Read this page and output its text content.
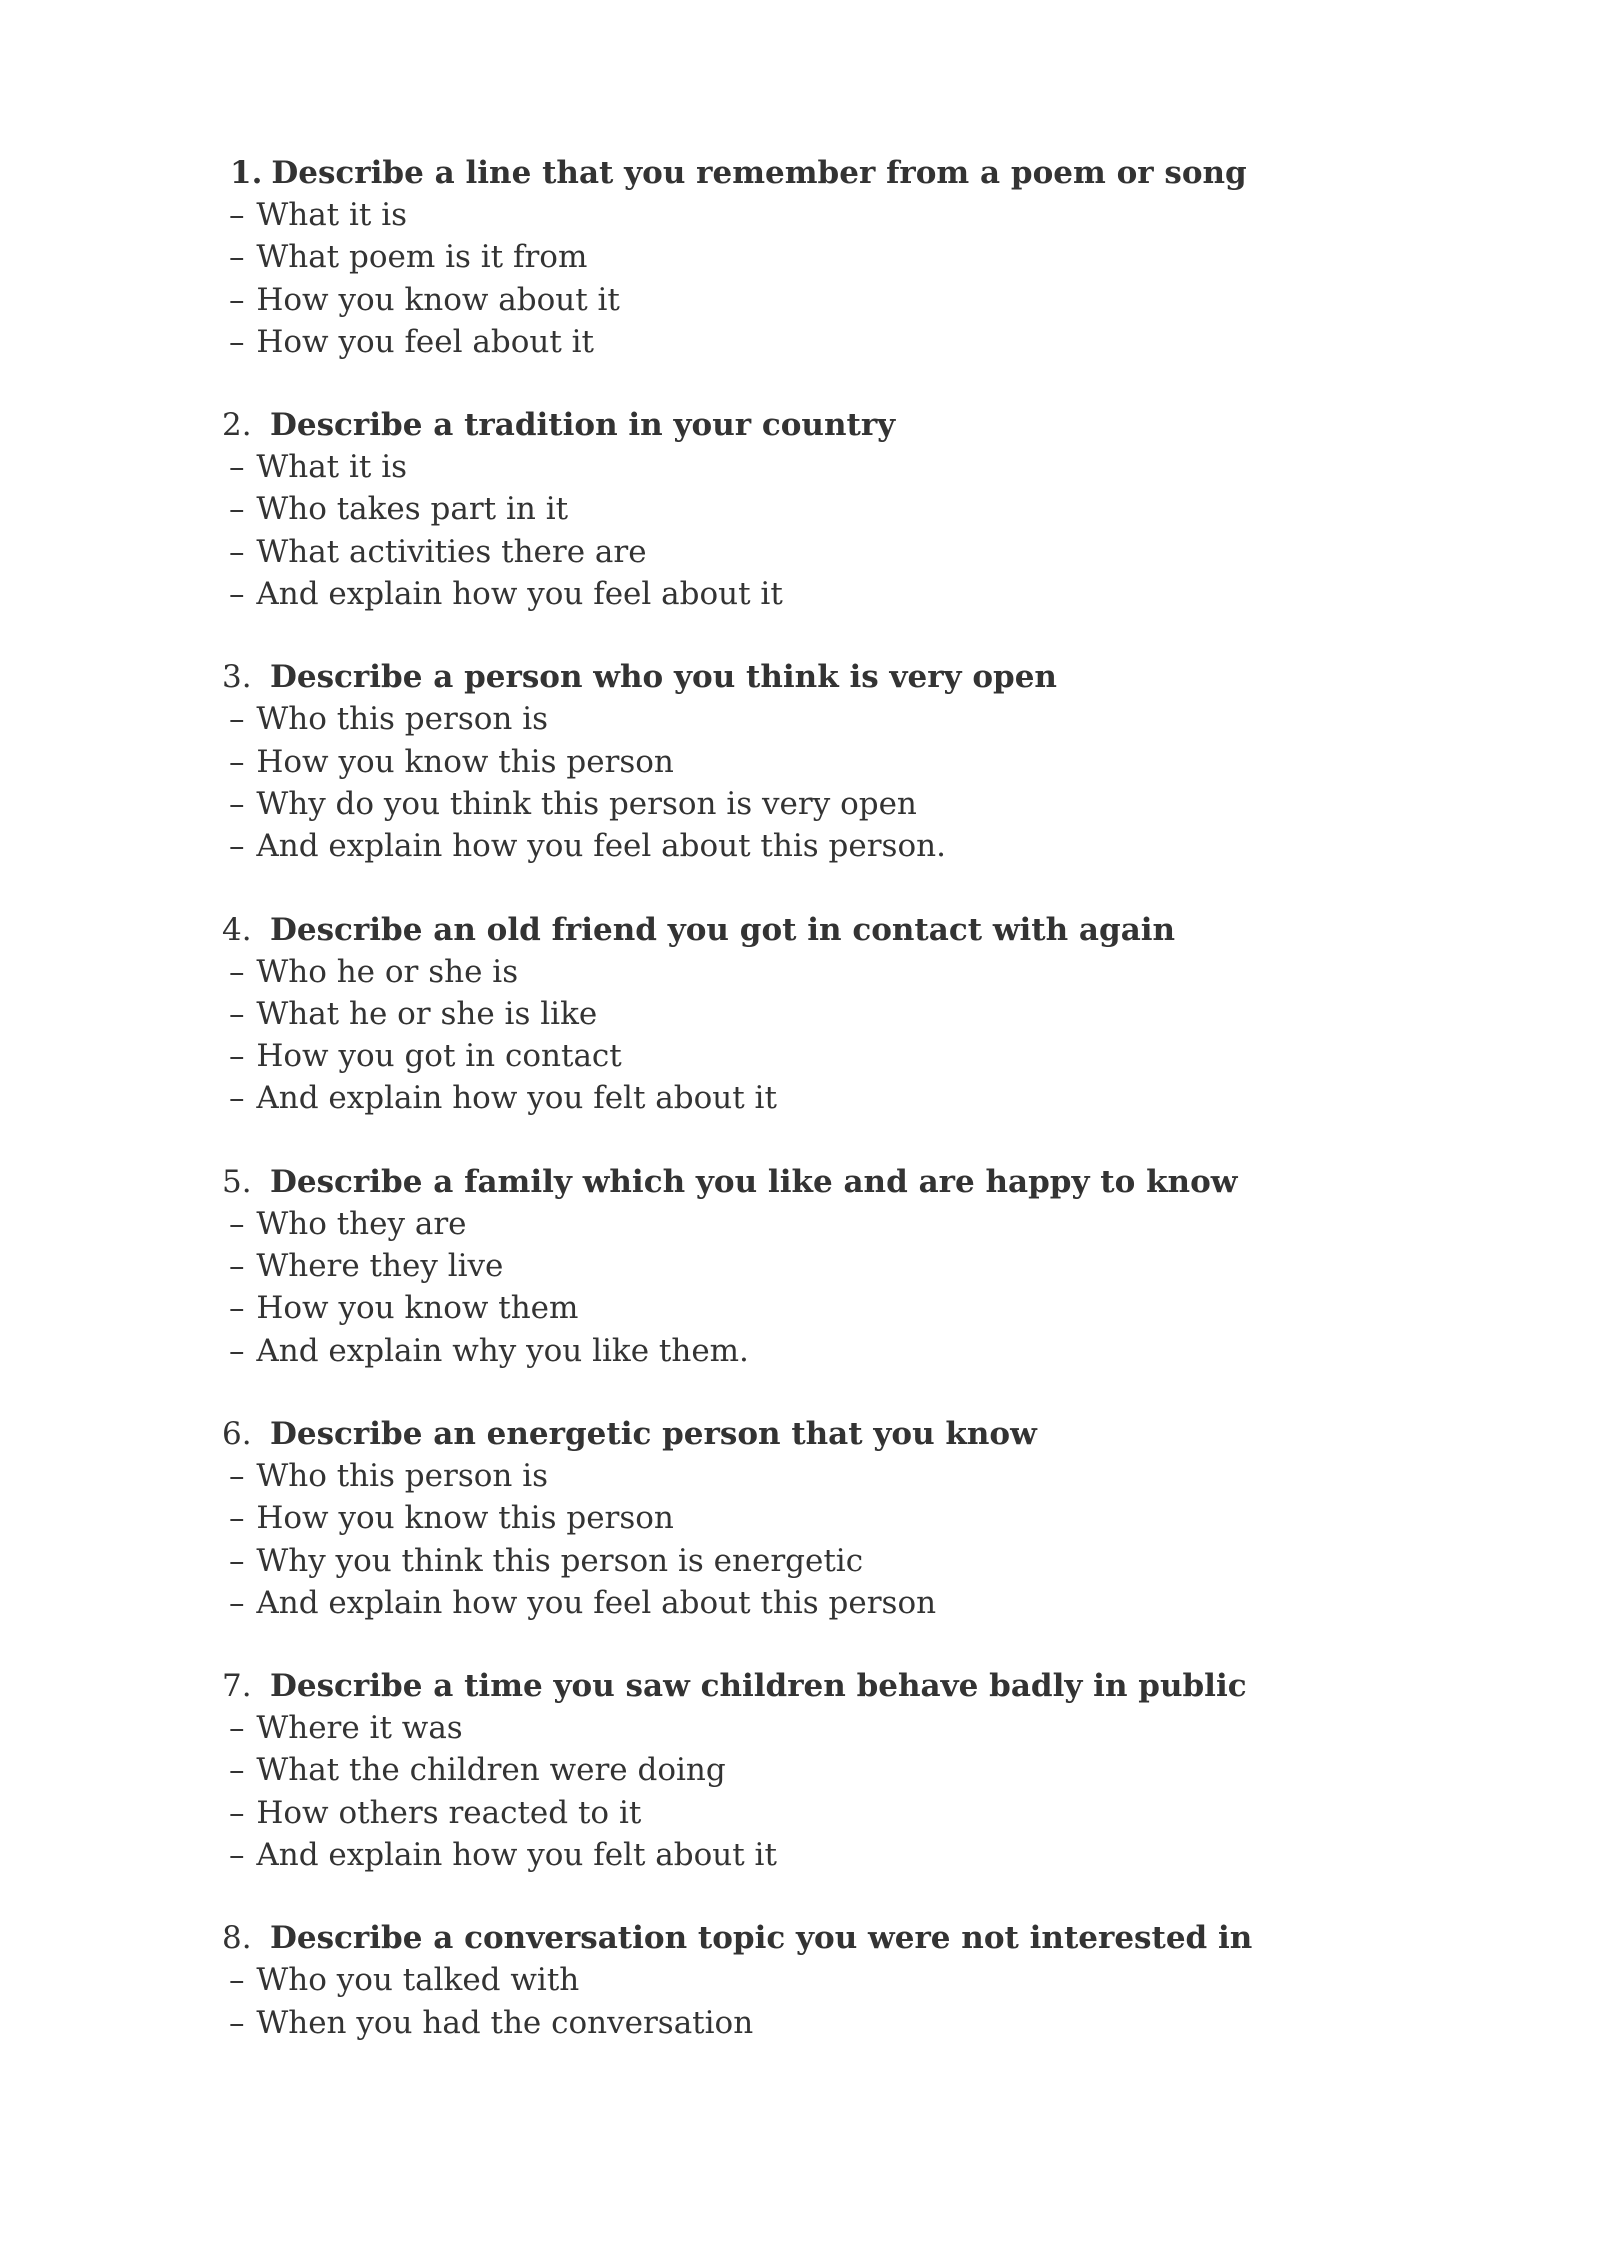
1. Describe a line that you remember from a poem or song
– What it is
– What poem is it from
– How you know about it
– How you feel about it
2. Describe a tradition in your country
– What it is
– Who takes part in it
– What activities there are
– And explain how you feel about it
3. Describe a person who you think is very open
– Who this person is
– How you know this person
– Why do you think this person is very open
– And explain how you feel about this person.
4. Describe an old friend you got in contact with again
– Who he or she is
– What he or she is like
– How you got in contact
– And explain how you felt about it
5. Describe a family which you like and are happy to know
– Who they are
– Where they live
– How you know them
– And explain why you like them.
6. Describe an energetic person that you know
– Who this person is
– How you know this person
– Why you think this person is energetic
– And explain how you feel about this person
7. Describe a time you saw children behave badly in public
– Where it was
– What the children were doing
– How others reacted to it
– And explain how you felt about it
8. Describe a conversation topic you were not interested in
– Who you talked with
– When you had the conversation
